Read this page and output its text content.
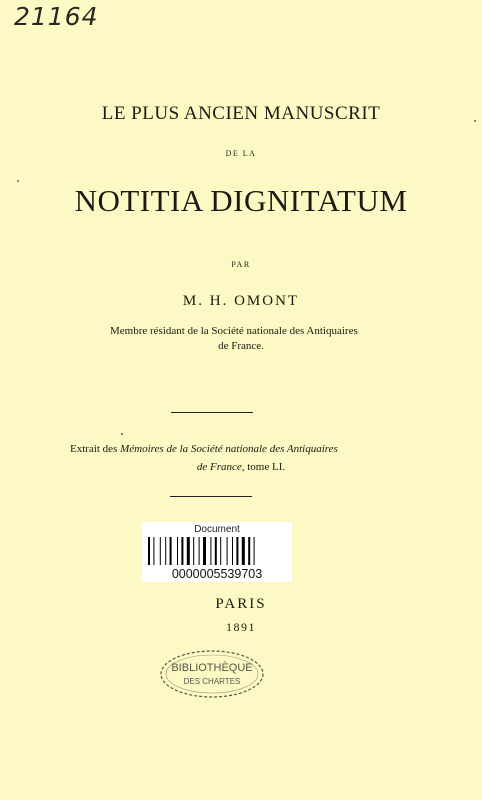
21164
LE PLUS ANCIEN MANUSCRIT
DE LA
NOTITIA DIGNITATUM
PAR
M. H. OMONT
Membre résidant de la Société nationale des Antiquaires
de France.
Extrait des Mémoires de la Société nationale des Antiquaires
de France, tome LI.
Document
0000005539703
PARIS
1891
BIBLIOTHÈQUE
DES CHARTES
